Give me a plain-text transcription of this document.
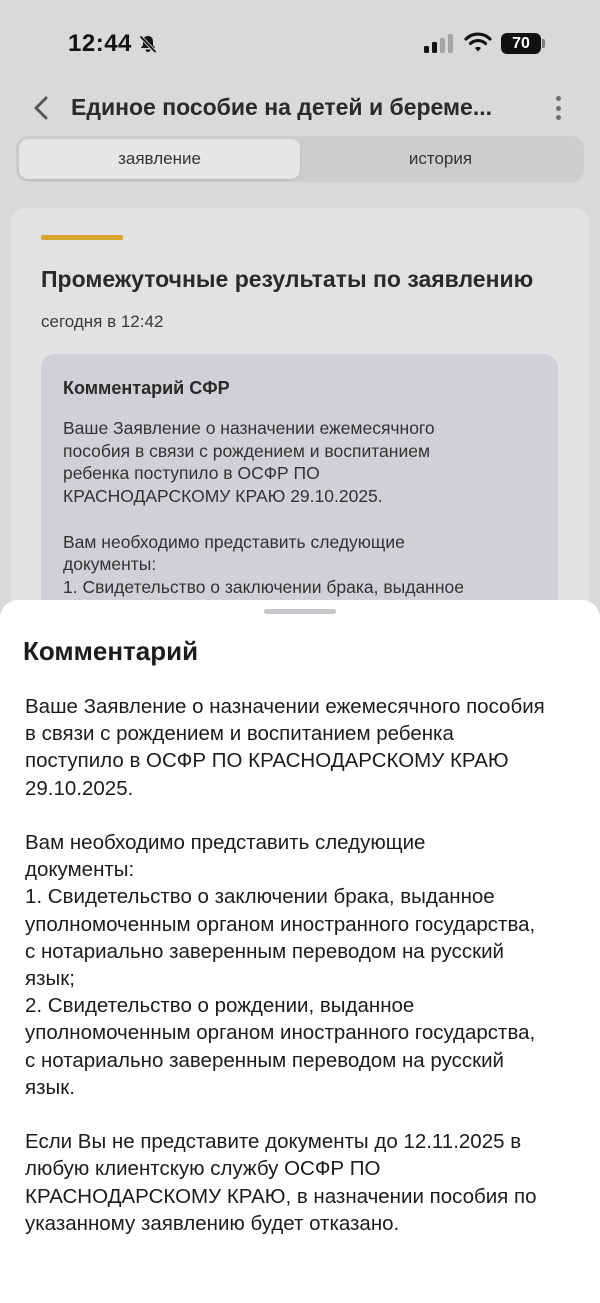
12:44	70
Единое пособие на детей и береме...
заявление	история
Промежуточные результаты по заявлению
сегодня в 12:42
Комментарий СФР
Ваше Заявление о назначении ежемесячного
пособия в связи с рождением и воспитанием
ребенка поступило в ОСФР ПО
КРАСНОДАРСКОМУ КРАЮ 29.10.2025.

Вам необходимо представить следующие
документы:
1. Свидетельство о заключении брака, выданное
Комментарий
Ваше Заявление о назначении ежемесячного пособия
в связи с рождением и воспитанием ребенка
поступило в ОСФР ПО КРАСНОДАРСКОМУ КРАЮ
29.10.2025.

Вам необходимо представить следующие
документы:
1. Свидетельство о заключении брака, выданное
уполномоченным органом иностранного государства,
с нотариально заверенным переводом на русский
язык;
2. Свидетельство о рождении, выданное
уполномоченным органом иностранного государства,
с нотариально заверенным переводом на русский
язык.

Если Вы не представите документы до 12.11.2025 в
любую клиентскую службу ОСФР ПО
КРАСНОДАРСКОМУ КРАЮ, в назначении пособия по
указанному заявлению будет отказано.
